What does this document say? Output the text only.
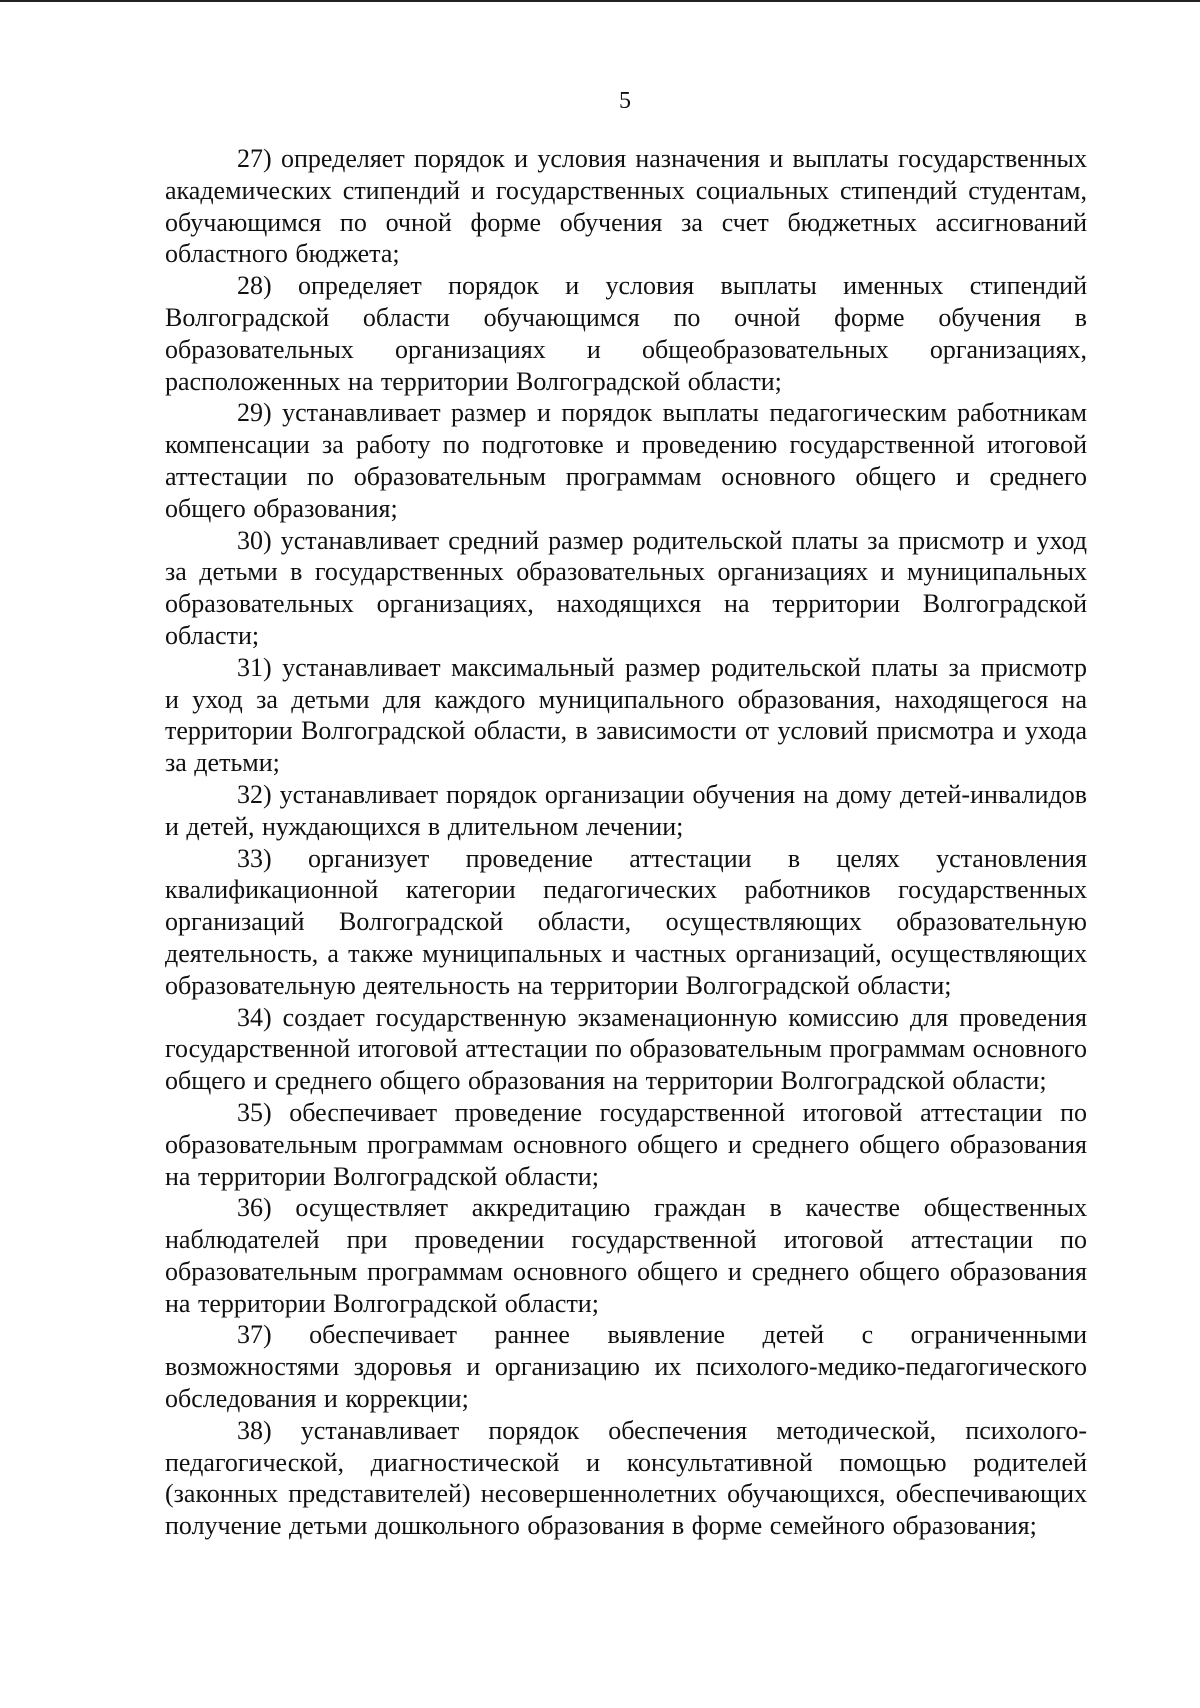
5

27) определяет порядок и условия назначения и выплаты государственных академических стипендий и государственных социальных стипендий студентам, обучающимся по очной форме обучения за счет бюджетных ассигнований областного бюджета;

28) определяет порядок и условия выплаты именных стипендий Волгоградской области обучающимся по очной форме обучения в образовательных организациях и общеобразовательных организациях, расположенных на территории Волгоградской области;

29) устанавливает размер и порядок выплаты педагогическим работникам компенсации за работу по подготовке и проведению государственной итоговой аттестации по образовательным программам основного общего и среднего общего образования;

30) устанавливает средний размер родительской платы за присмотр и уход за детьми в государственных образовательных организациях и муниципальных образовательных организациях, находящихся на территории Волгоградской области;

31) устанавливает максимальный размер родительской платы за присмотр и уход за детьми для каждого муниципального образования, находящегося на территории Волгоградской области, в зависимости от условий присмотра и ухода за детьми;

32) устанавливает порядок организации обучения на дому детей-инвалидов и детей, нуждающихся в длительном лечении;

33) организует проведение аттестации в целях установления квалификационной категории педагогических работников государственных организаций Волгоградской области, осуществляющих образовательную деятельность, а также муниципальных и частных организаций, осуществляющих образовательную деятельность на территории Волгоградской области;

34) создает государственную экзаменационную комиссию для проведения государственной итоговой аттестации по образовательным программам основного общего и среднего общего образования на территории Волгоградской области;

35) обеспечивает проведение государственной итоговой аттестации по образовательным программам основного общего и среднего общего образования на территории Волгоградской области;

36) осуществляет аккредитацию граждан в качестве общественных наблюдателей при проведении государственной итоговой аттестации по образовательным программам основного общего и среднего общего образования на территории Волгоградской области;

37) обеспечивает раннее выявление детей с ограниченными возможностями здоровья и организацию их психолого-медико-педагогического обследования и коррекции;

38) устанавливает порядок обеспечения методической, психолого-педагогической, диагностической и консультативной помощью родителей (законных представителей) несовершеннолетних обучающихся, обеспечивающих получение детьми дошкольного образования в форме семейного образования;
